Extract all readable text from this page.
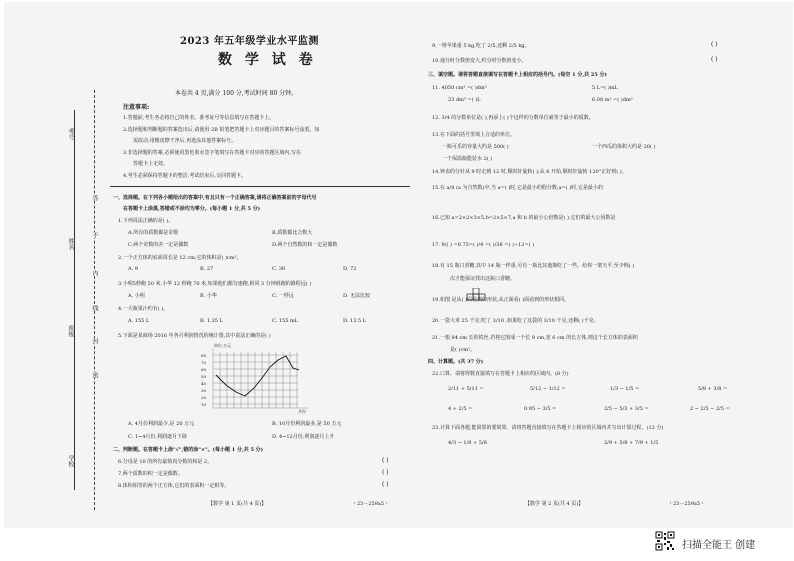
考号
姓名
班级
学校
答
不
内
线
封
密
2023 年五年级学业水平监测
数 学 试 卷
本卷共 4 页,满分 100 分,考试时间 80 分钟。
注意事项:
1.答题前,考生务必将自己的姓名、准考证号等信息填写在答题卡上。
2.选择题和判断题的答案选出后,请使用 2B 铅笔把答题卡上对应题目的答案标号涂黑。如
需改动,用橡皮擦干净后,再选涂其他答案标号。
3.非选择题的答案,必须使用黑色墨水签字笔填写在答题卡对应的答题区域内,写在
答题卡上无效。
4.考生必须保持答题卡的整洁,考试结束后,交回答题卡。
一、选择题。在下列各小题给出的答案中,有且只有一个正确答案,请将正确答案前的字母代号
在答题卡上涂黑,答错或不涂均为零分。(每小题 1 分,共 5 分)
1.下列说法正确的是( )。
A.所有的质数都是奇数	B.质数都比合数大
C.两个奇数的差一定是偶数	D.两个自然数的和一定是偶数
2.一个正方体的底面周长是 12 cm,它的体积是( )cm³。
A. 9	B. 27	C. 36	D. 72
3.小明5秒跑 50 米,小华 12 秒跑 70 米,如果他们都匀速跑,相同 3 分钟谁跑的路程远( )
A. 小明	B. 小华	C. 一样远	D. 无法比较
4.一大瓶果汁约有( )。
A. 155 L	B. 1.35 L	C. 155 mL	D. 13.5 L
5.下面是某商场 2016 年各月利润情况的统计图,其中说法正确的是( )
单位:万元
80
70
60
50
40
30
20
10
月份
A. 4月份利润最少,是 20 万元	B. 10月份利润最多,是 50 万元
C. 1~4月份,利润逐月下降	D. 4~12月份,利润逐月上升
二、判断题。在答题卡上涂"√",错的涂"×"。(每小题 1 分,共 5 分)
6.分母是 10 的所有最简真分数的和是 2。	( )
7.两个质数的积一定是偶数。	( )
8.体积相等的两个正方体,它们的表面积一定相等。	( )
【数学 第 1 页(共 4 页)】	・23－259a5・
9.一堆苹果重 5 kg,吃了 2/5,还剩 2/5 kg。	( )
10.通分时分数值变大,约分时分数值变小。	( )
三、填空题。请将答题直接填写在答题卡上相应的括号内。(每空 1 分,共 25 分)
11. 4050 cm³ =( )dm³	5 L=( )mL
23 dm³ =( )L	6.08 m³ =( )dm³
12. 3/4 的分数单位是( ),再添上( )个这样的分数单位就等于最小的质数。
13.在下面的括号里填上合适的单位。
一瓶可乐的容量大约是 500( )	一个西瓜的体积大约是 20( )
一个保温瓶能装水 2( )
14.钟表的分针从 9 时走到 12 时,顺时针旋转( );从 6 开始,顺时针旋转 120°正好到( )。
15.在 a/8 (a 为自然数)中,当 a=( )时,它是最小的假分数;a=( )时,它是最小的
16.已知 a=2×2×3×5,b=2×5×7,a 和 b 的最小公倍数是( ),它们的最大公因数是
17. 9/( ) =0.75=( )/4 =( )/36 =( )÷12=( )
18.有 15 瓶口香糖,其中 14 瓶一样重,另有一瓶比其他瓶吃了一些。给你一架天平,至少称( )
次才能保证找出这瓶口香糖。
19.如图 是从( )面看到的形状,从正面看( )面看到的形状相同。
20.一袋大米 25 千克,吃了 3/10 ,如果吃了这袋的 3/10 千克,还剩( )千克。
21.一根 84 cm 长的铁丝,若将它围成一个长 9 cm,宽 6 cm 的长方体,则这个长方体的表面积
是( )cm²。
四、计算题。(共 37 分)
22.口算。请将得数直接填写在答题卡上相应的区域内。(8 分)
2/11 + 5/11 =	5/12 − 1/12 =	1/3 − 1/5 =	5/8 + 3/8 =
4 + 2/5 =	0.95 − 3/5 =	2/5 − 5/3 + 3/5 =	2 − 2/5 − 2/5 =
23.计算下面各题,能简算的要简算。请将答题直接填写在答题卡上相应的区域内并写出计算过程。(12 分)
4/3 − 1/8 + 5/6	2/9 + 5/8 + 7/9 + 1/5
【数学 第 2 页(共 4 页)】	・23－259a5・
扫描全能王 创建
